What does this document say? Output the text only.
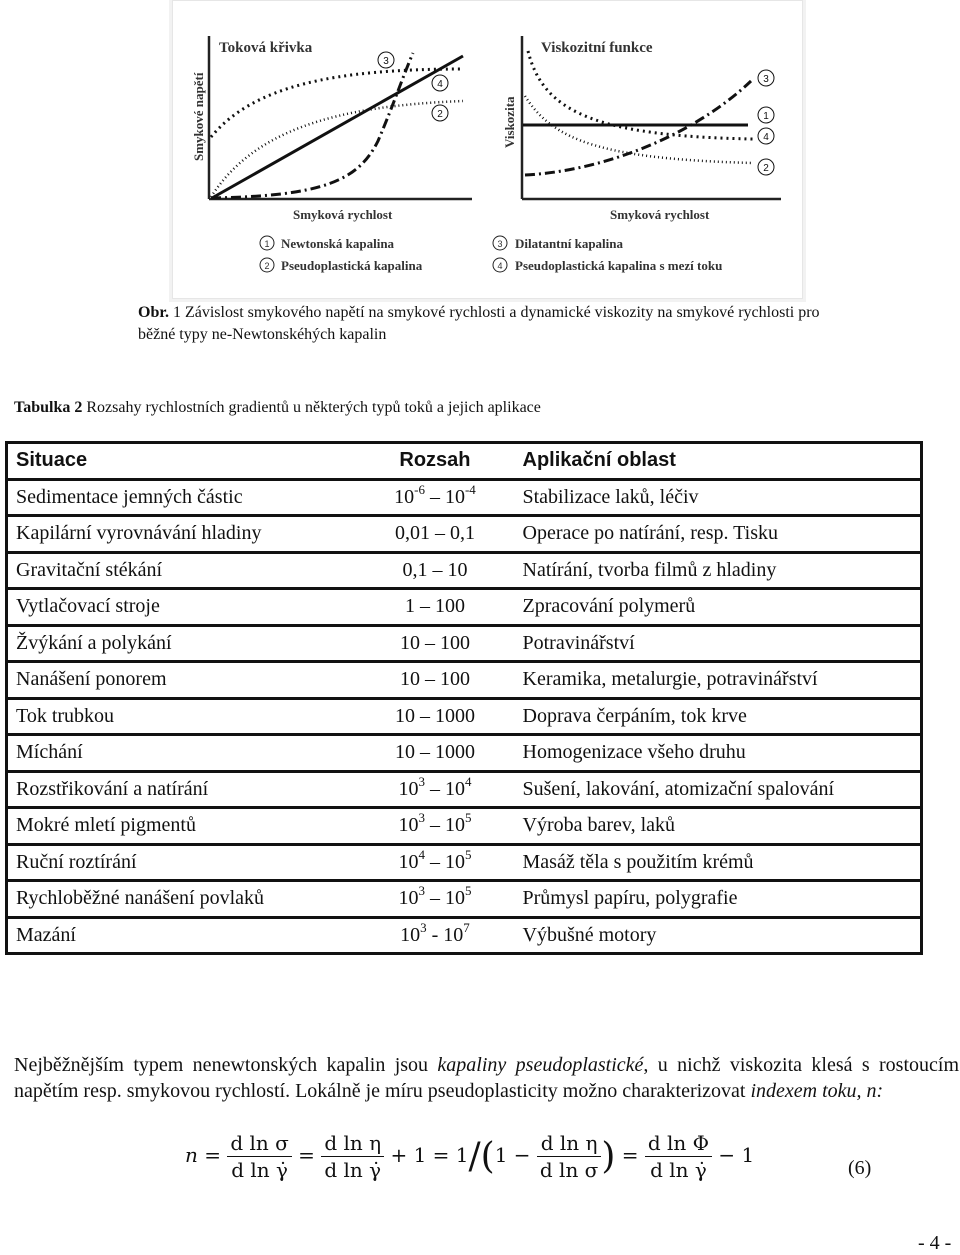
Toková křivka
Smykové napětí
3
4
2
Smyková rychlost
Viskozitní funkce
Viskozita
3
1
4
2
Smyková rychlost
1 Newtonská kapalina
2 Pseudoplastická kapalina
3 Dilatantní kapalina
4 Pseudoplastická kapalina s mezí toku
Obr. 1 Závislost smykového napětí na smykové rychlosti a dynamické viskozity na smykové rychlosti pro běžné typy ne-Newtonskéhých kapalin
Tabulka 2 Rozsahy rychlostních gradientů u některých typů toků a jejich aplikace
Situace	Rozsah	Aplikační oblast
Sedimentace jemných částic	$10^{-6} - 10^{-4}$	Stabilizace laků, léčiv
Kapilární vyrovnávání hladiny	0,01 – 0,1	Operace po natírání, resp. Tisku
Gravitační stékání	0,1 – 10	Natírání, tvorba filmů z hladiny
Vytlačovací stroje	1 – 100	Zpracování polymerů
Žvýkání a polykání	10 – 100	Potravinářství
Nanášení ponorem	10 – 100	Keramika, metalurgie, potravinářství
Tok trubkou	10 – 1000	Doprava čerpáním, tok krve
Míchání	10 – 1000	Homogenizace všeho druhu
Rozstřikování a natírání	$10^3 - 10^4$	Sušení, lakování, atomizační spalování
Mokré mletí pigmentů	$10^3 - 10^5$	Výroba barev, laků
Ruční roztírání	$10^4 - 10^5$	Masáž těla s použitím krémů
Rychloběžné nanášení povlaků	$10^3 - 10^5$	Průmysl papíru, polygrafie
Mazání	$10^3 - 10^7$	Výbušné motory
Nejběžnějším typem nenewtonských kapalin jsou kapaliny pseudoplastické, u nichž viskozita klesá s rostoucím napětím resp. smykovou rychlostí. Lokálně je míru pseudoplasticity možno charakterizovat indexem toku, n:
$n = \frac{\text{d ln σ}}{\text{d ln γ̇}} = \frac{\text{d ln η}}{\text{d ln γ̇}} + 1 = 1/(1 - \frac{\text{d ln η}}{\text{d ln σ}}$ ) = $\frac{\text{d ln Φ}}{\text{d ln γ̇}} - 1$
(6)
- 4 -
